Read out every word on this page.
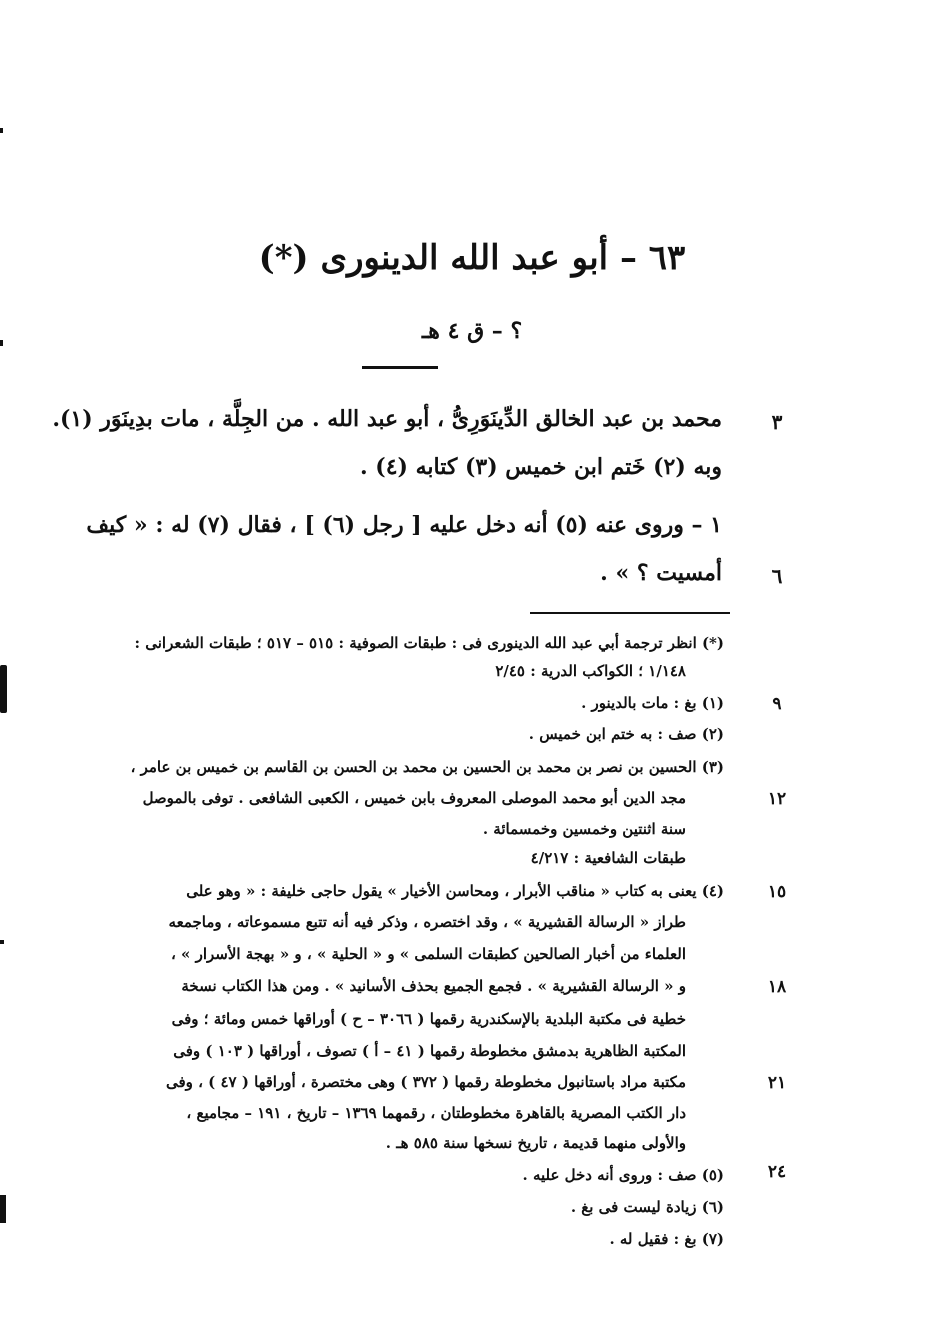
٦٣ – أبو عبد الله الدينورى (*)
؟ – ق ٤ هـ
٣
محمد بن عبد الخالق الدِّينَوَرِىُّ ، أبو عبد الله . من الجِلَّة ، مات بدِينَوَر (١).
وبه (٢) خَتم ابن خميس (٣) كتابه (٤) .
١ – وروى عنه (٥) أنه دخل عليه [ رجل (٦) ] ، فقال (٧) له : « كيف
٦
أمسيت ؟ » .
(*) انظر ترجمة أبي عبد الله الدينورى فى : طبقات الصوفية : ٥١٥ – ٥١٧ ؛ طبقات الشعرانى :
١/١٤٨ ؛ الكواكب الدرية : ٢/٤٥
٩
(١) بغ : مات بالدينور .
(٢) صف : به ختم ابن خميس .
(٣) الحسين بن نصر بن محمد بن الحسين بن محمد بن الحسن بن القاسم بن خميس بن عامر ،
١٢
مجد الدين أبو محمد الموصلى المعروف بابن خميس ، الكعبى الشافعى . توفى بالموصل
سنة اثنتين وخمسين وخمسمائة .
طبقات الشافعية : ٤/٢١٧
١٥
(٤) يعنى به كتاب « مناقب الأبرار ، ومحاسن الأخيار » يقول حاجى خليفة : « وهو على
طراز « الرسالة القشيرية » ، وقد اختصره ، وذكر فيه أنه تتبع مسموعاته ، وماجمعه
العلماء من أخبار الصالحين كطبقات السلمى » و « الحلية » ، و « بهجة الأسرار » ،
١٨
و « الرسالة القشيرية » . فجمع الجميع بحذف الأسانيد » . ومن هذا الكتاب نسخة
خطية فى مكتبة البلدية بالإسكندرية رقمها ( ٣٠٦٦ – ح ) أوراقها خمس ومائة ؛ وفى
المكتبة الظاهرية بدمشق مخطوطة رقمها ( ٤١ – أ ) تصوف ، أوراقها ( ١٠٣ ) وفى
٢١
مكتبة مراد باستانبول مخطوطة رقمها ( ٣٧٢ ) وهى مختصرة ، أوراقها ( ٤٧ ) ، وفى
دار الكتب المصرية بالقاهرة مخطوطتان ، رقمهما ١٣٦٩ – تاريخ ، ١٩١ – مجاميع ،
والأولى منهما قديمة ، تاريخ نسخها سنة ٥٨٥ هـ .
٢٤
(٥) صف : وروى أنه دخل عليه .
(٦) زيادة ليست فى بغ .
(٧) بغ : فقيل له .
